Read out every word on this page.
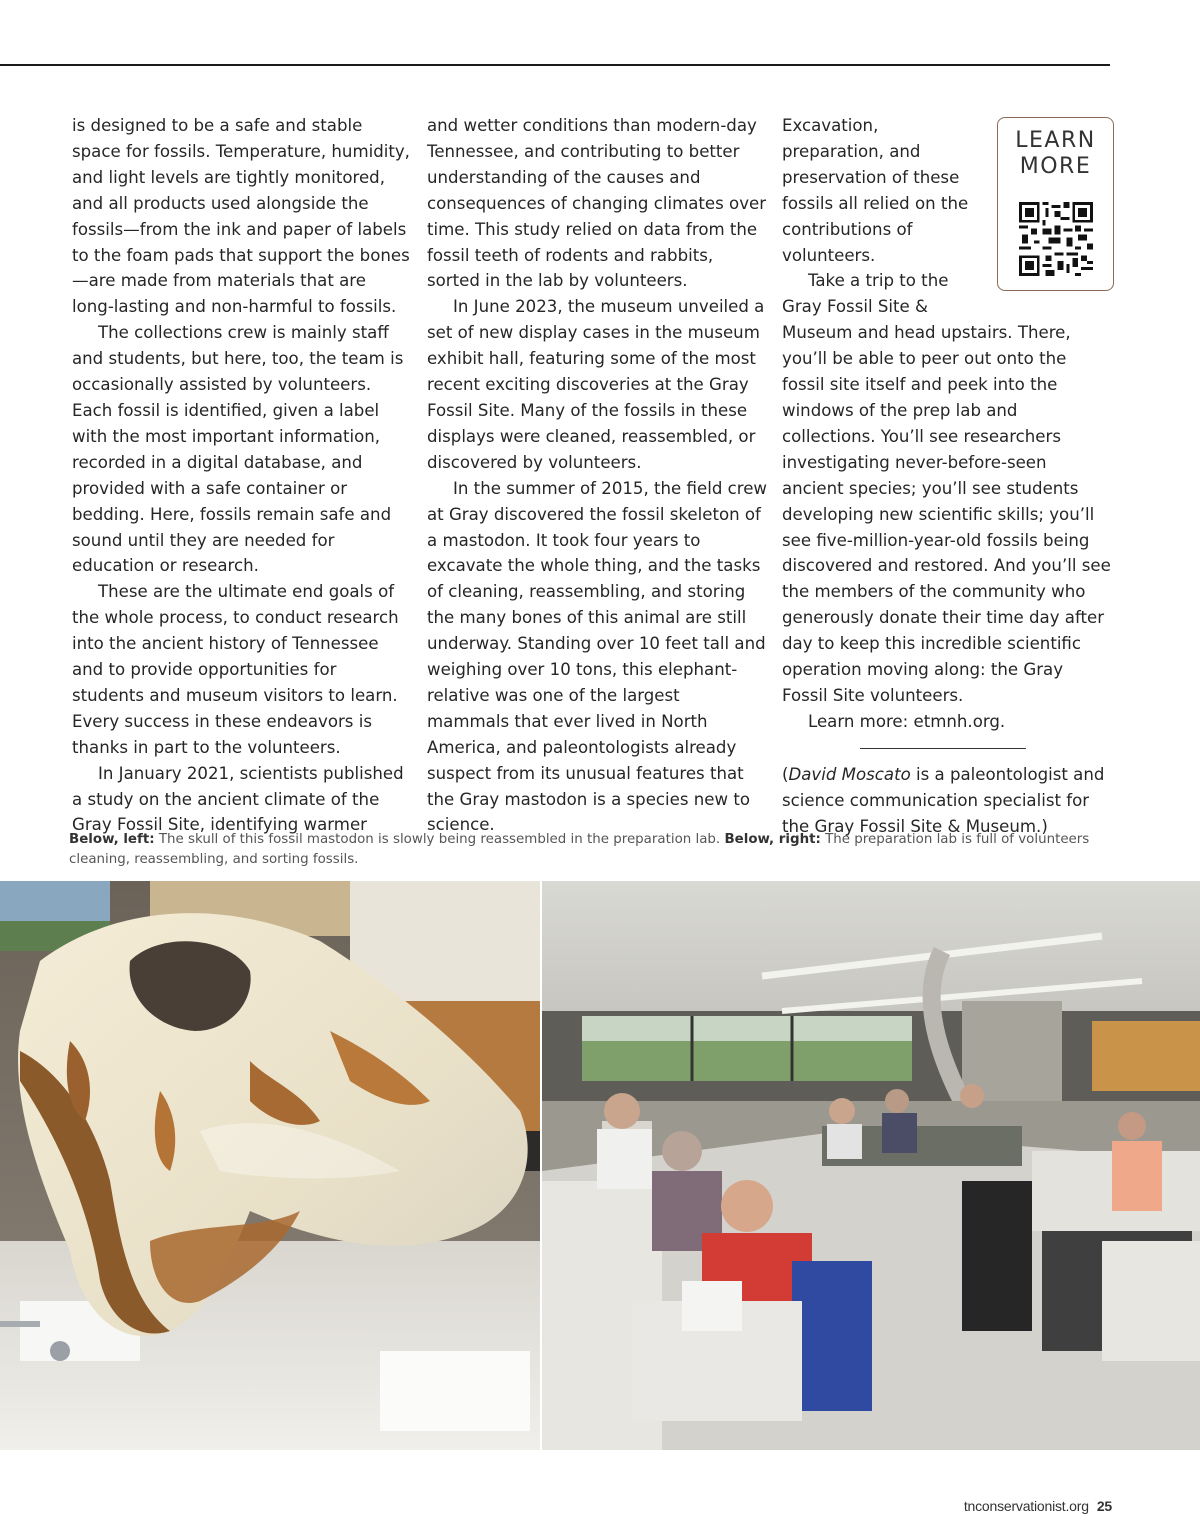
is designed to be a safe and stable space for fossils. Temperature, humidity, and light levels are tightly monitored, and all products used alongside the fossils—from the ink and paper of labels to the foam pads that support the bones—are made from materials that are long-lasting and non-harmful to fossils.

The collections crew is mainly staff and students, but here, too, the team is occasionally assisted by volunteers. Each fossil is identified, given a label with the most important information, recorded in a digital database, and provided with a safe container or bedding. Here, fossils remain safe and sound until they are needed for education or research.

These are the ultimate end goals of the whole process, to conduct research into the ancient history of Tennessee and to provide opportunities for students and museum visitors to learn. Every success in these endeavors is thanks in part to the volunteers.

In January 2021, scientists published a study on the ancient climate of the Gray Fossil Site, identifying warmer

and wetter conditions than modern-day Tennessee, and contributing to better understanding of the causes and consequences of changing climates over time. This study relied on data from the fossil teeth of rodents and rabbits, sorted in the lab by volunteers.

In June 2023, the museum unveiled a set of new display cases in the museum exhibit hall, featuring some of the most recent exciting discoveries at the Gray Fossil Site. Many of the fossils in these displays were cleaned, reassembled, or discovered by volunteers.

In the summer of 2015, the field crew at Gray discovered the fossil skeleton of a mastodon. It took four years to excavate the whole thing, and the tasks of cleaning, reassembling, and storing the many bones of this animal are still underway. Standing over 10 feet tall and weighing over 10 tons, this elephant-relative was one of the largest mammals that ever lived in North America, and paleontologists already suspect from its unusual features that the Gray mastodon is a species new to science.

LEARN
MORE

Excavation, preparation, and preservation of these fossils all relied on the contributions of volunteers.

Take a trip to the Gray Fossil Site & Museum and head upstairs. There, you’ll be able to peer out onto the fossil site itself and peek into the windows of the prep lab and collections. You’ll see researchers investigating never-before-seen ancient species; you’ll see students developing new scientific skills; you’ll see five-million-year-old fossils being discovered and restored. And you’ll see the members of the community who generously donate their time day after day to keep this incredible scientific operation moving along: the Gray Fossil Site volunteers.

Learn more: etmnh.org.

(David Moscato is a paleontologist and science communication specialist for the Gray Fossil Site & Museum.)

Below, left: The skull of this fossil mastodon is slowly being reassembled in the preparation lab. Below, right: The preparation lab is full of volunteers cleaning, reassembling, and sorting fossils.
tnconservationist.org 25
